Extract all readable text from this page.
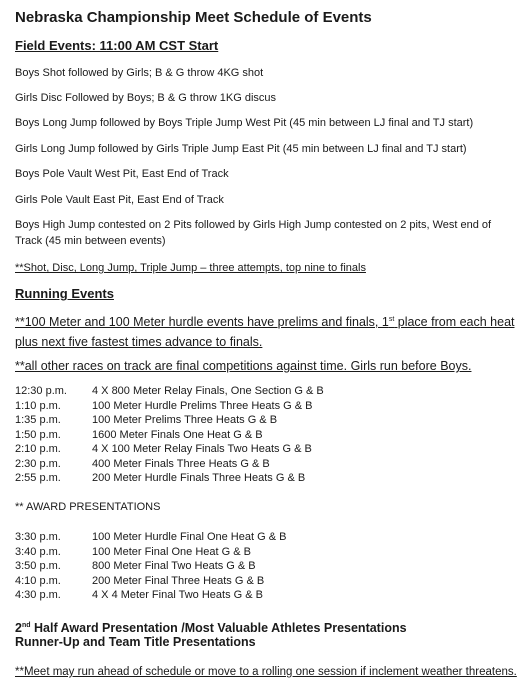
Nebraska Championship Meet Schedule of Events
Field Events: 11:00 AM CST Start
Boys Shot followed by Girls; B & G throw 4KG shot
Girls Disc Followed by Boys; B & G throw 1KG discus
Boys Long Jump followed by Boys Triple Jump West Pit (45 min between LJ final and TJ start)
Girls Long Jump followed by Girls Triple Jump East Pit (45 min between LJ final and TJ start)
Boys Pole Vault West Pit, East End of Track
Girls Pole Vault East Pit, East End of Track
Boys High Jump contested on 2 Pits followed by Girls High Jump contested on 2 pits, West end of Track (45 min between events)
**Shot, Disc, Long Jump, Triple Jump – three attempts, top nine to finals
Running Events
**100 Meter and 100 Meter hurdle events have prelims and finals, 1st place from each heat plus next five fastest times advance to finals.
**all other races on track are final competitions against time. Girls run before Boys.
12:30 p.m.	4 X 800 Meter Relay Finals, One Section G & B
1:10 p.m.	100 Meter Hurdle Prelims Three Heats G & B
1:35 p.m.	100 Meter Prelims Three Heats G & B
1:50 p.m.	1600 Meter Finals One Heat G & B
2:10 p.m.	4 X 100 Meter Relay Finals Two Heats G & B
2:30 p.m.	400 Meter Finals Three Heats G & B
2:55 p.m.	200 Meter Hurdle Finals Three Heats G & B
** AWARD PRESENTATIONS
3:30 p.m.	100 Meter Hurdle Final One Heat G & B
3:40 p.m.	100 Meter Final One Heat G & B
3:50 p.m.	800 Meter Final Two Heats G & B
4:10 p.m.	200 Meter Final Three Heats G & B
4:30 p.m.	4 X 4 Meter Final Two Heats G & B
2nd Half Award Presentation /Most Valuable Athletes Presentations
Runner-Up and Team Title Presentations
**Meet may run ahead of schedule or move to a rolling one session if inclement weather threatens.
